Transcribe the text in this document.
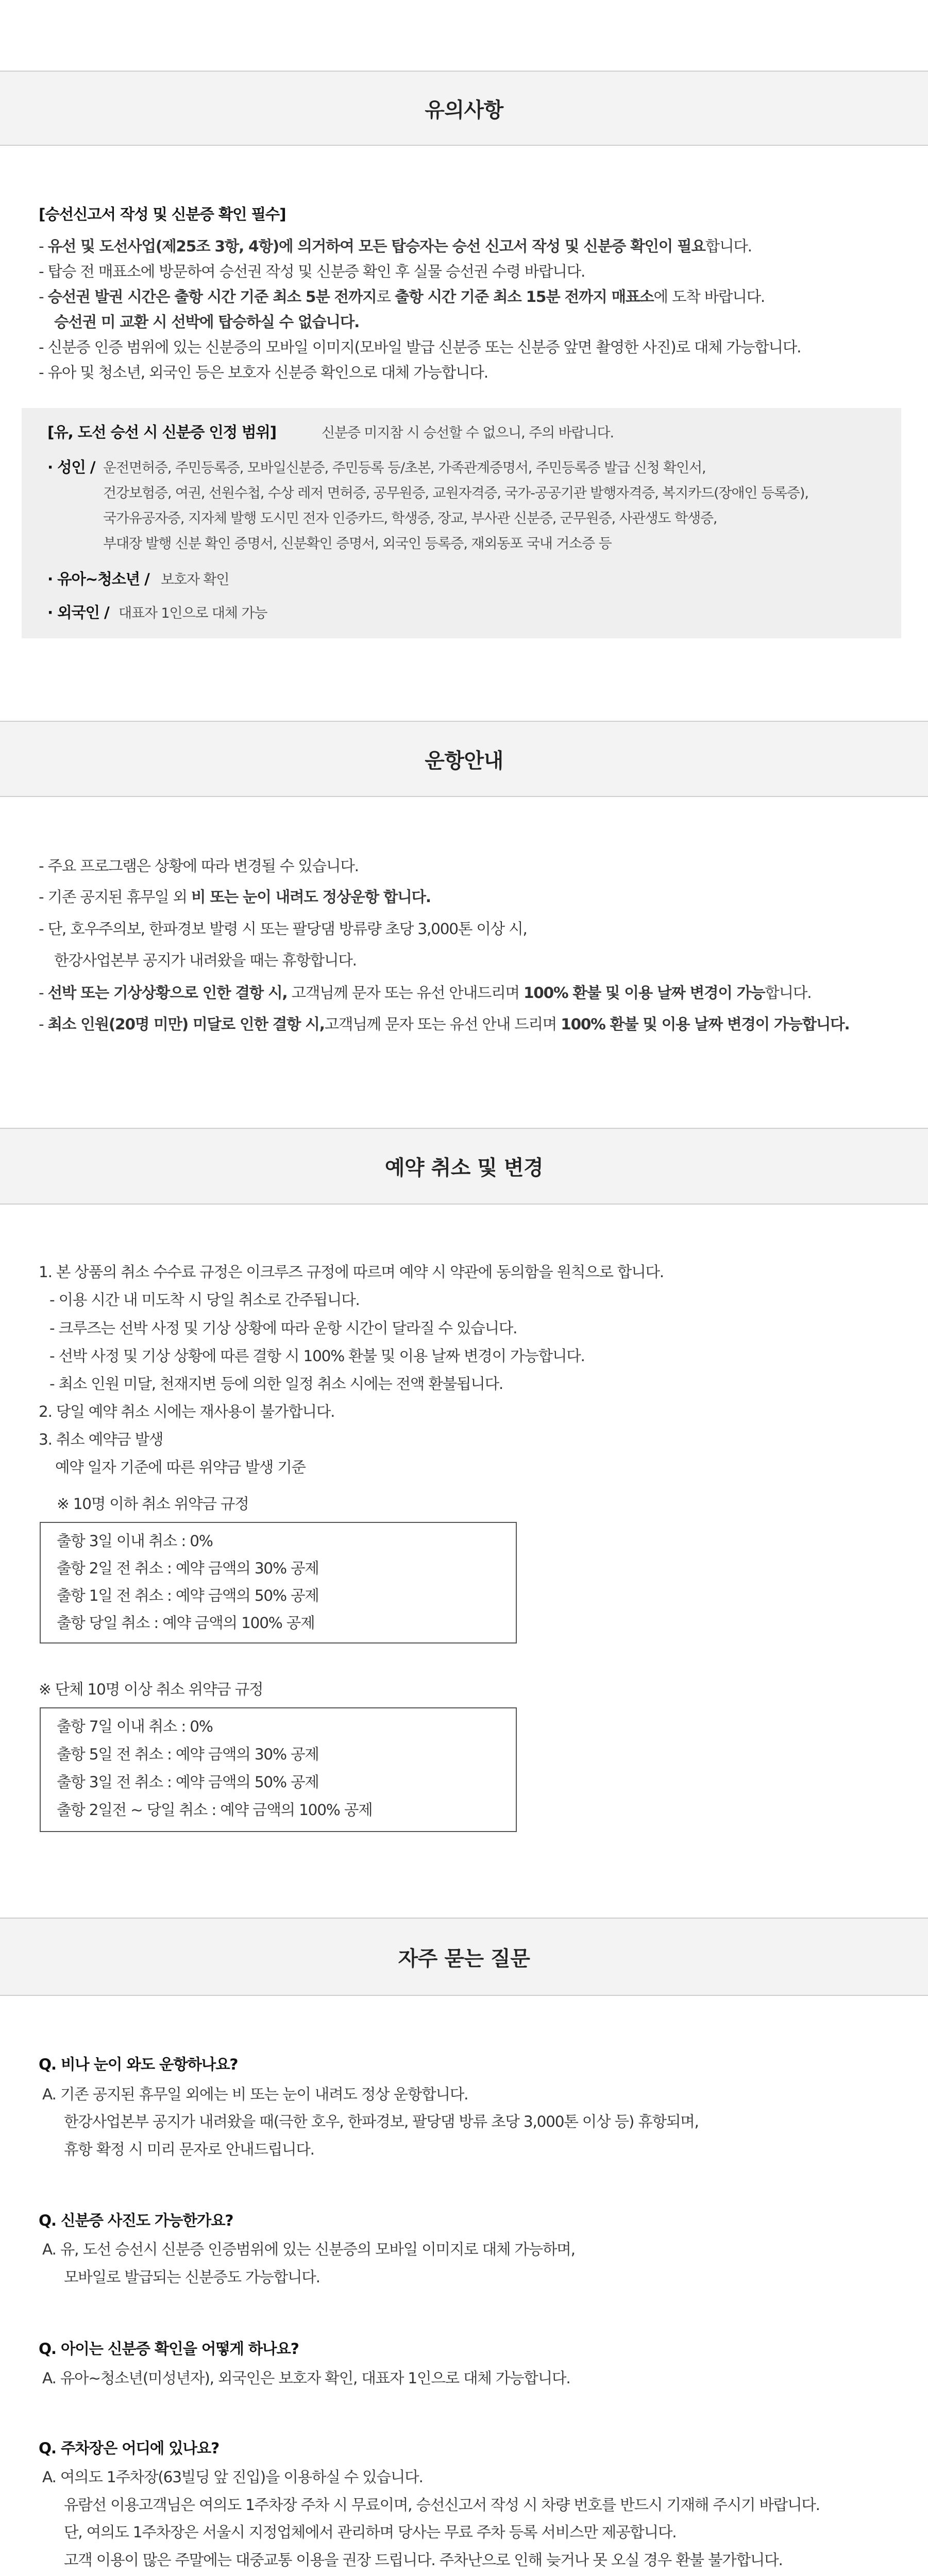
유의사항
[승선신고서 작성 및 신분증 확인 필수]
- 유선 및 도선사업(제25조 3항, 4항)에 의거하여 모든 탑승자는 승선 신고서 작성 및 신분증 확인이 필요합니다.
- 탑승 전 매표소에 방문하여 승선권 작성 및 신분증 확인 후 실물 승선권 수령 바랍니다.
- 승선권 발권 시간은 출항 시간 기준 최소 5분 전까지로 출항 시간 기준 최소 15분 전까지 매표소에 도착 바랍니다.
승선권 미 교환 시 선박에 탑승하실 수 없습니다.
- 신분증 인증 범위에 있는 신분증의 모바일 이미지(모바일 발급 신분증 또는 신분증 앞면 촬영한 사진)로 대체 가능합니다.
- 유아 및 청소년, 외국인 등은 보호자 신분증 확인으로 대체 가능합니다.
[유, 도선 승선 시 신분증 인정 범위]	신분증 미지참 시 승선할 수 없으니, 주의 바랍니다.
· 성인 / 운전면허증, 주민등록증, 모바일신분증, 주민등록 등/초본, 가족관계증명서, 주민등록증 발급 신청 확인서,
건강보험증, 여권, 선원수첩, 수상 레저 면허증, 공무원증, 교원자격증, 국가-공공기관 발행자격증, 복지카드(장애인 등록증),
국가유공자증, 지자체 발행 도시민 전자 인증카드, 학생증, 장교, 부사관 신분증, 군무원증, 사관생도 학생증,
부대장 발행 신분 확인 증명서, 신분확인 증명서, 외국인 등록증, 재외동포 국내 거소증 등
· 유아~청소년 / 보호자 확인
· 외국인 / 대표자 1인으로 대체 가능
운항안내
- 주요 프로그램은 상황에 따라 변경될 수 있습니다.
- 기존 공지된 휴무일 외 비 또는 눈이 내려도 정상운항 합니다.
- 단, 호우주의보, 한파경보 발령 시 또는 팔당댐 방류량 초당 3,000톤 이상 시,
한강사업본부 공지가 내려왔을 때는 휴항합니다.
- 선박 또는 기상상황으로 인한 결항 시, 고객님께 문자 또는 유선 안내드리며 100% 환불 및 이용 날짜 변경이 가능합니다.
- 최소 인원(20명 미만) 미달로 인한 결항 시,고객님께 문자 또는 유선 안내 드리며 100% 환불 및 이용 날짜 변경이 가능합니다.
예약 취소 및 변경
1. 본 상품의 취소 수수료 규정은 이크루즈 규정에 따르며 예약 시 약관에 동의함을 원칙으로 합니다.
- 이용 시간 내 미도착 시 당일 취소로 간주됩니다.
- 크루즈는 선박 사정 및 기상 상황에 따라 운항 시간이 달라질 수 있습니다.
- 선박 사정 및 기상 상황에 따른 결항 시 100% 환불 및 이용 날짜 변경이 가능합니다.
- 최소 인원 미달, 천재지변 등에 의한 일정 취소 시에는 전액 환불됩니다.
2. 당일 예약 취소 시에는 재사용이 불가합니다.
3. 취소 예약금 발생
예약 일자 기준에 따른 위약금 발생 기준
※ 10명 이하 취소 위약금 규정
출항 3일 이내 취소 : 0%
출항 2일 전 취소 : 예약 금액의 30% 공제
출항 1일 전 취소 : 예약 금액의 50% 공제
출항 당일 취소 : 예약 금액의 100% 공제
※ 단체 10명 이상 취소 위약금 규정
출항 7일 이내 취소 : 0%
출항 5일 전 취소 : 예약 금액의 30% 공제
출항 3일 전 취소 : 예약 금액의 50% 공제
출항 2일전 ~ 당일 취소 : 예약 금액의 100% 공제
자주 묻는 질문
Q. 비나 눈이 와도 운항하나요?
A. 기존 공지된 휴무일 외에는 비 또는 눈이 내려도 정상 운항합니다.
한강사업본부 공지가 내려왔을 때(극한 호우, 한파경보, 팔당댐 방류 초당 3,000톤 이상 등) 휴항되며,
휴항 확정 시 미리 문자로 안내드립니다.
Q. 신분증 사진도 가능한가요?
A. 유, 도선 승선시 신분증 인증범위에 있는 신분증의 모바일 이미지로 대체 가능하며,
모바일로 발급되는 신분증도 가능합니다.
Q. 아이는 신분증 확인을 어떻게 하나요?
A. 유아~청소년(미성년자), 외국인은 보호자 확인, 대표자 1인으로 대체 가능합니다.
Q. 주차장은 어디에 있나요?
A. 여의도 1주차장(63빌딩 앞 진입)을 이용하실 수 있습니다.
유람선 이용고객님은 여의도 1주차장 주차 시 무료이며, 승선신고서 작성 시 차량 번호를 반드시 기재해 주시기 바랍니다.
단, 여의도 1주차장은 서울시 지정업체에서 관리하며 당사는 무료 주차 등록 서비스만 제공합니다.
고객 이용이 많은 주말에는 대중교통 이용을 권장 드립니다. 주차난으로 인해 늦거나 못 오실 경우 환불 불가합니다.
